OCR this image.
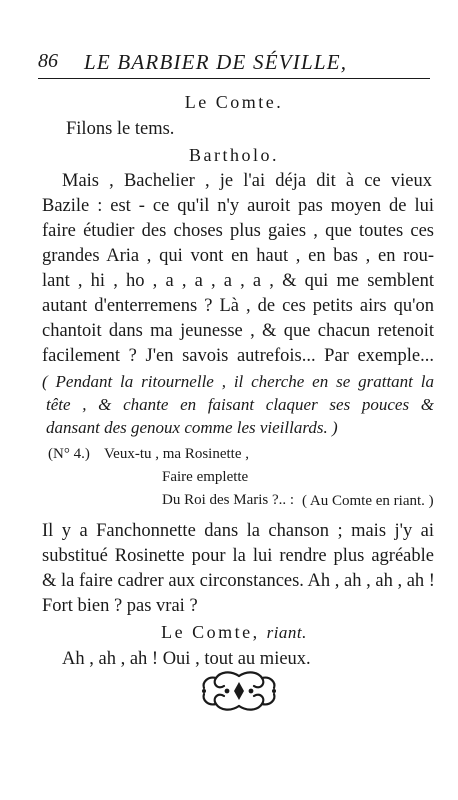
86 LE BARBIER DE SÉVILLE,
Le Comte.
Filons le tems.
Bartholo.
Mais , Bachelier , je l'ai déja dit à ce vieux
Bazile : est - ce qu'il n'y auroit pas moyen de lui
faire étudier des choses plus gaies , que toutes ces
grandes Aria , qui vont en haut , en bas , en rou-
lant , hi , ho , a , a , a , a , & qui me semblent
autant d'enterremens ? Là , de ces petits airs qu'on
chantoit dans ma jeunesse , & que chacun retenoit
facilement ? J'en savois autrefois... Par exemple...
( Pendant la ritournelle , il cherche en se grattant la
tête , & chante en faisant claquer ses pouces &
dansant des genoux comme les vieillards. )
(N° 4.) Veux-tu , ma Rosinette ,
Faire emplette
Du Roi des Maris ?.. : ( Au Comte en riant. )
Il y a Fanchonnette dans la chanson ; mais j'y ai
substitué Rosinette pour la lui rendre plus agréable
& la faire cadrer aux circonstances. Ah , ah , ah , ah !
Fort bien ? pas vrai ?
Le Comte, riant.
Ah , ah , ah ! Oui , tout au mieux.
